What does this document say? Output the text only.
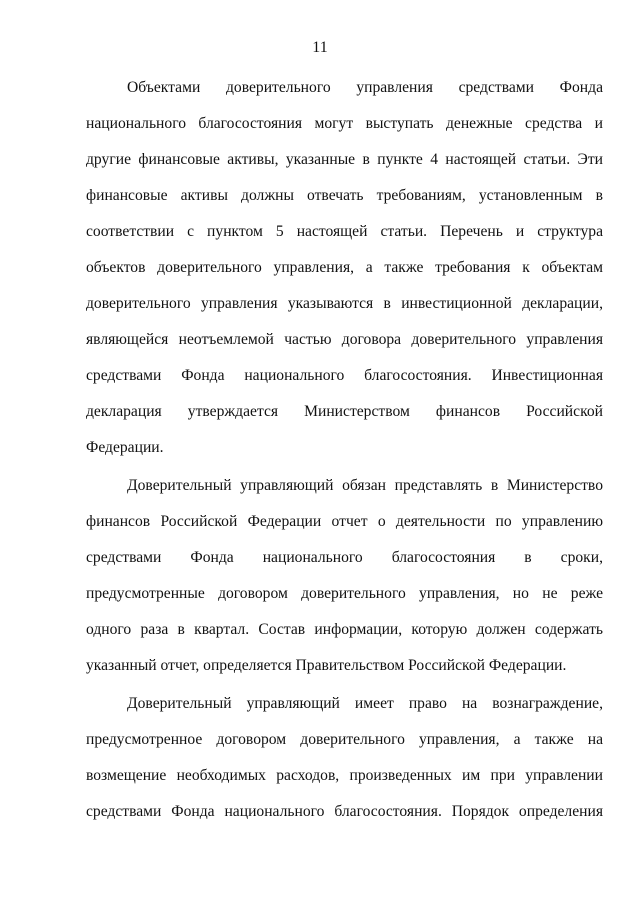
11
Объектами доверительного управления средствами Фонда
национального благосостояния могут выступать денежные средства и
другие финансовые активы, указанные в пункте 4 настоящей статьи. Эти
финансовые активы должны отвечать требованиям, установленным в
соответствии с пунктом 5 настоящей статьи. Перечень и структура
объектов доверительного управления, а также требования к объектам
доверительного управления указываются в инвестиционной декларации,
являющейся неотъемлемой частью договора доверительного управления
средствами Фонда национального благосостояния. Инвестиционная
декларация утверждается Министерством финансов Российской
Федерации.
Доверительный управляющий обязан представлять в Министерство
финансов Российской Федерации отчет о деятельности по управлению
средствами Фонда национального благосостояния в сроки,
предусмотренные договором доверительного управления, но не реже
одного раза в квартал. Состав информации, которую должен содержать
указанный отчет, определяется Правительством Российской Федерации.
Доверительный управляющий имеет право на вознаграждение,
предусмотренное договором доверительного управления, а также на
возмещение необходимых расходов, произведенных им при управлении
средствами Фонда национального благосостояния. Порядок определения
